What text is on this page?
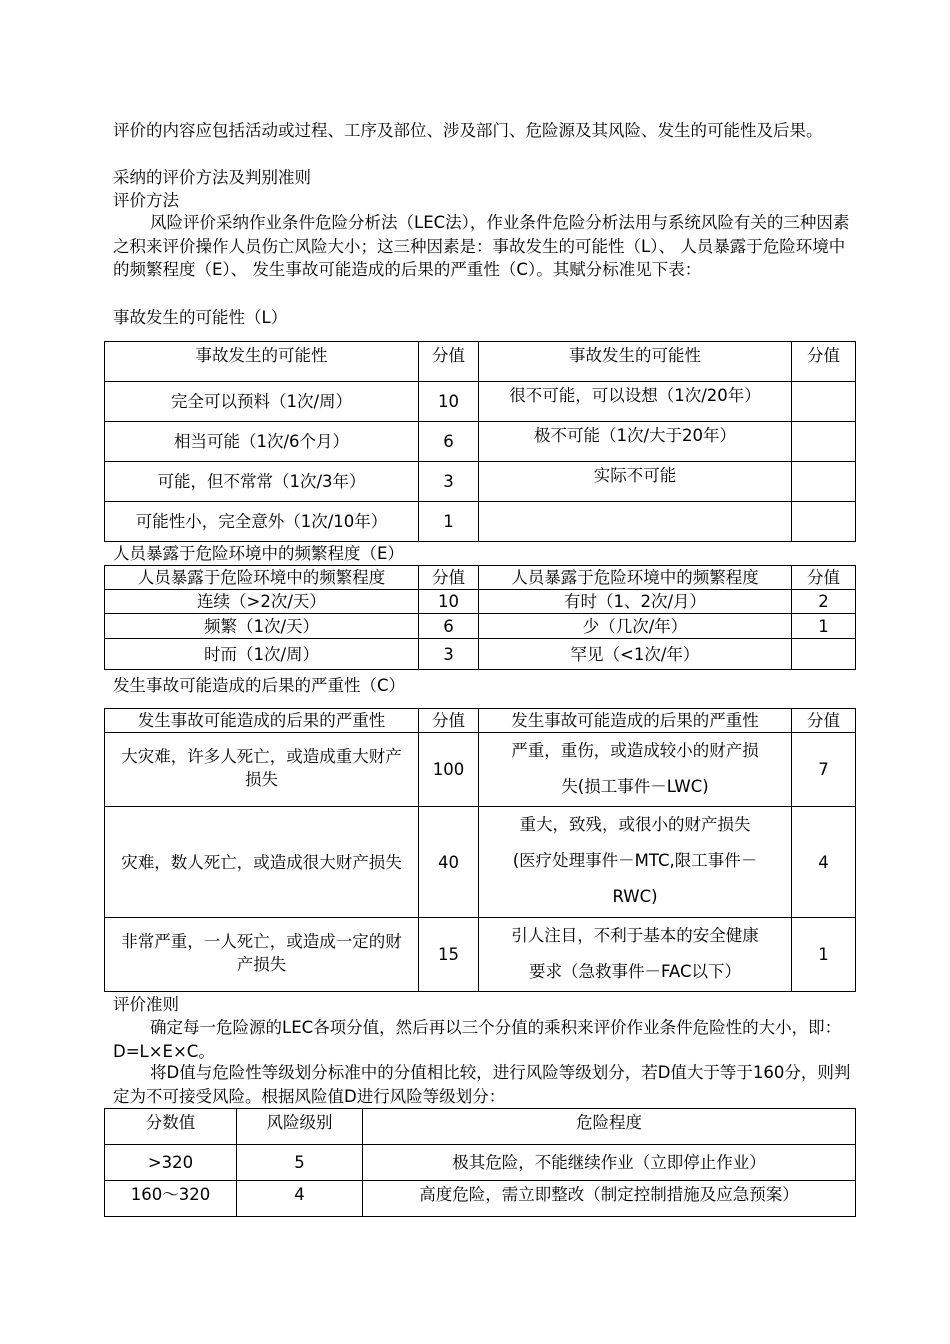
评价的内容应包括活动或过程、工序及部位、涉及部门、危险源及其风险、发生的可能性及后果。

采纳的评价方法及判别准则

评价方法

风险评价采纳作业条件危险分析法（LEC法），作业条件危险分析法用与系统风险有关的三种因素之积来评价操作人员伤亡风险大小；这三种因素是：事故发生的可能性（L）、 人员暴露于危险环境中的频繁程度（E）、 发生事故可能造成的后果的严重性（C）。其赋分标准见下表：

事故发生的可能性（L）

事故发生的可能性	分值	事故发生的可能性	分值
完全可以预料（1次/周）	10	很不可能，可以设想（1次/20年）	
相当可能（1次/6个月）	6	极不可能（1次/大于20年）	
可能，但不常常（1次/3年）	3	实际不可能	
可能性小，完全意外（1次/10年）	1		

人员暴露于危险环境中的频繁程度（E）

人员暴露于危险环境中的频繁程度	分值	人员暴露于危险环境中的频繁程度	分值
连续（>2次/天）	10	有时（1、2次/月）	2
频繁（1次/天）	6	少（几次/年）	1
时而（1次/周）	3	罕见（<1次/年）	

发生事故可能造成的后果的严重性（C）

发生事故可能造成的后果的严重性	分值	发生事故可能造成的后果的严重性	分值
大灾难，许多人死亡，或造成重大财产损失	100	严重，重伤，或造成较小的财产损
失(损工事件－LWC)	7
灾难，数人死亡，或造成很大财产损失	40	重大，致残，或很小的财产损失
(医疗处理事件－MTC,限工事件－
RWC)	4
非常严重，一人死亡，或造成一定的财产损失	15	引人注目，不利于基本的安全健康
要求（急救事件－FAC以下）	1

评价准则

确定每一危险源的LEC各项分值，然后再以三个分值的乘积来评价作业条件危险性的大小，即：D=L×E×C。

将D值与危险性等级划分标准中的分值相比较，进行风险等级划分，若D值大于等于160分，则判定为不可接受风险。根据风险值D进行风险等级划分：

分数值	风险级别	危险程度
>320	5	极其危险，不能继续作业（立即停止作业）
160～320	4	高度危险，需立即整改（制定控制措施及应急预案）
